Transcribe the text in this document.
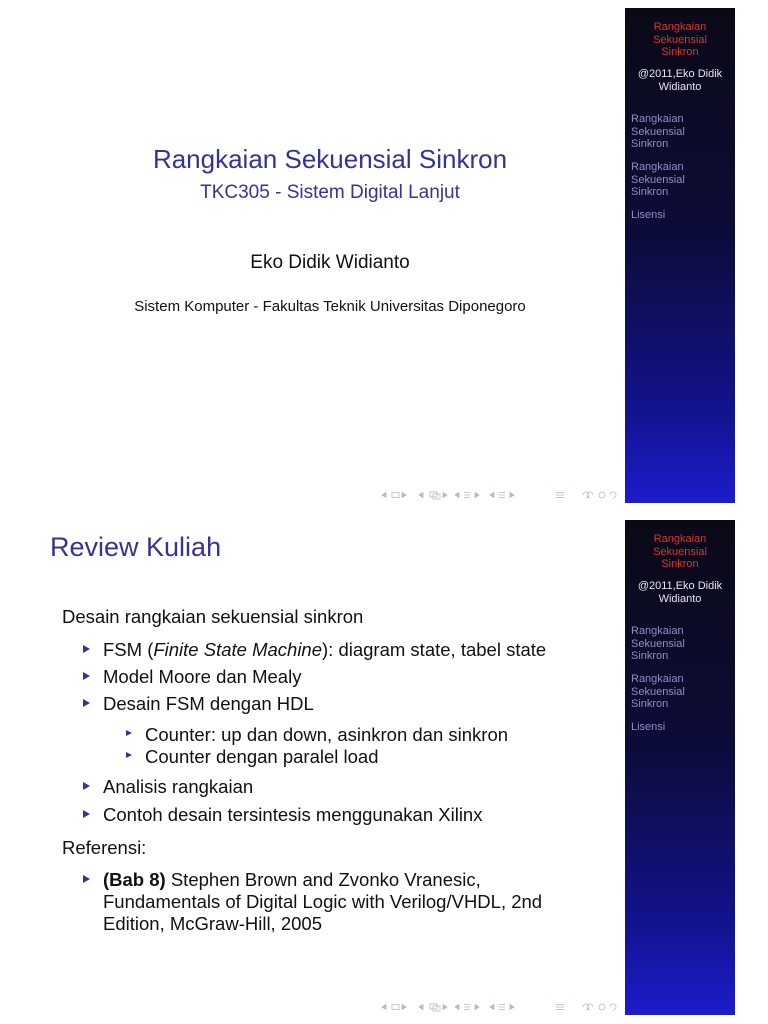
Rangkaian Sekuensial Sinkron
TKC305 - Sistem Digital Lanjut
Eko Didik Widianto
Sistem Komputer - Fakultas Teknik Universitas Diponegoro
Rangkaian
Sekuensial
Sinkron
@2011,Eko Didik
Widianto
Rangkaian
Sekuensial
Sinkron
Rangkaian
Sekuensial
Sinkron
Lisensi
Review Kuliah
Desain rangkaian sekuensial sinkron
FSM (Finite State Machine): diagram state, tabel state
Model Moore dan Mealy
Desain FSM dengan HDL
Counter: up dan down, asinkron dan sinkron
Counter dengan paralel load
Analisis rangkaian
Contoh desain tersintesis menggunakan Xilinx
Referensi:
(Bab 8) Stephen Brown and Zvonko Vranesic,
Fundamentals of Digital Logic with Verilog/VHDL, 2nd
Edition, McGraw-Hill, 2005
Rangkaian
Sekuensial
Sinkron
@2011,Eko Didik
Widianto
Rangkaian
Sekuensial
Sinkron
Rangkaian
Sekuensial
Sinkron
Lisensi
